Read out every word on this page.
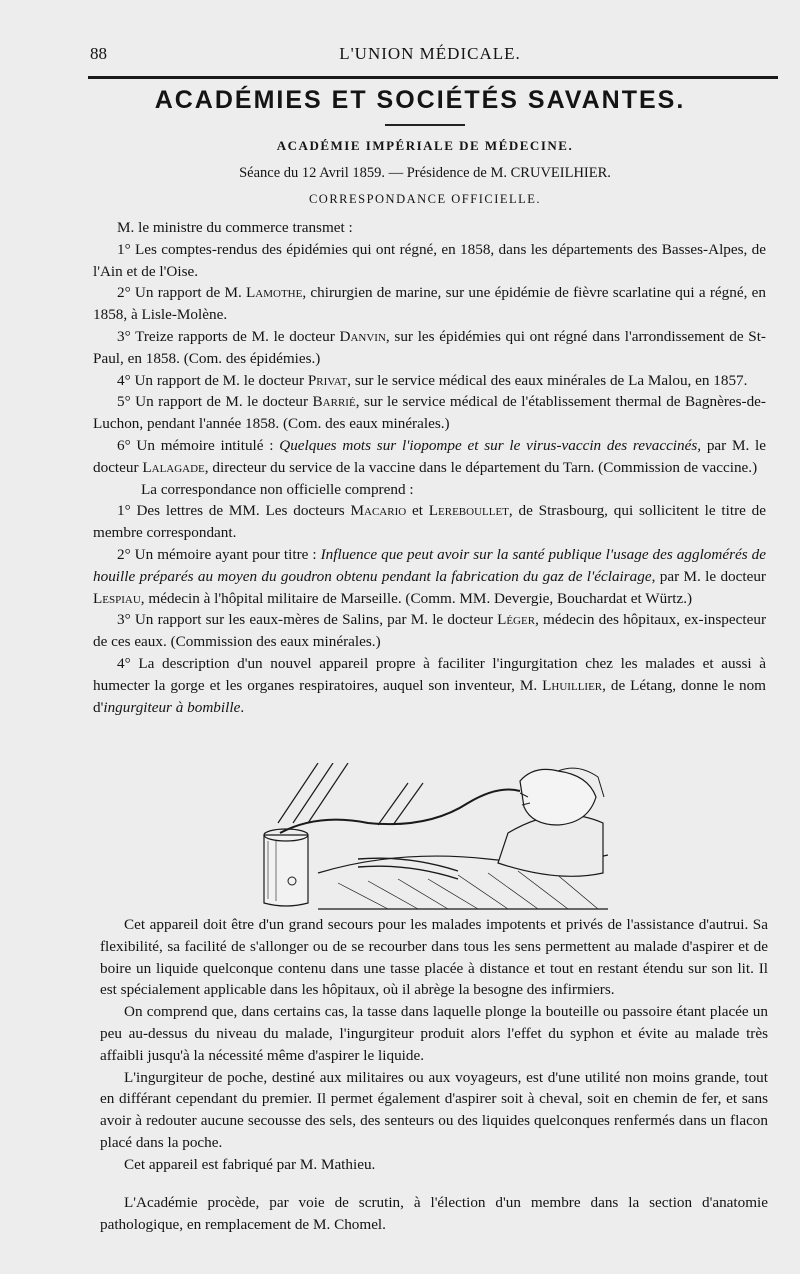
88	L'UNION MÉDICALE.
ACADÉMIES ET SOCIÉTÉS SAVANTES.
ACADÉMIE IMPÉRIALE DE MÉDECINE.
Séance du 12 Avril 1859. — Présidence de M. CRUVEILHIER.
CORRESPONDANCE OFFICIELLE.

M. le ministre du commerce transmet :

1° Les comptes-rendus des épidémies qui ont régné, en 1858, dans les départements des Basses-Alpes, de l'Ain et de l'Oise.

2° Un rapport de M. Lamothe, chirurgien de marine, sur une épidémie de fièvre scarlatine qui a régné, en 1858, à Lisle-Molène.

3° Treize rapports de M. le docteur Danvin, sur les épidémies qui ont régné dans l'arrondissement de St-Paul, en 1858. (Com. des épidémies.)

4° Un rapport de M. le docteur Privat, sur le service médical des eaux minérales de La Malou, en 1857.

5° Un rapport de M. le docteur Barrié, sur le service médical de l'établissement thermal de Bagnères-de-Luchon, pendant l'année 1858. (Com. des eaux minérales.)

6° Un mémoire intitulé : Quelques mots sur l'iopompe et sur le virus-vaccin des revaccinés, par M. le docteur Lalagade, directeur du service de la vaccine dans le département du Tarn. (Commission de vaccine.)

La correspondance non officielle comprend :

1° Des lettres de MM. Les docteurs Macario et Lereboullet, de Strasbourg, qui sollicitent le titre de membre correspondant.

2° Un mémoire ayant pour titre : Influence que peut avoir sur la santé publique l'usage des agglomérés de houille préparés au moyen du goudron obtenu pendant la fabrication du gaz de l'éclairage, par M. le docteur Lespiau, médecin à l'hôpital militaire de Marseille. (Comm. MM. Devergie, Bouchardat et Würtz.)

3° Un rapport sur les eaux-mères de Salins, par M. le docteur Léger, médecin des hôpitaux, ex-inspecteur de ces eaux. (Commission des eaux minérales.)

4° La description d'un nouvel appareil propre à faciliter l'ingurgitation chez les malades et aussi à humecter la gorge et les organes respiratoires, auquel son inventeur, M. Lhuillier, de Létang, donne le nom d'ingurgiteur à bombille.

Cet appareil doit être d'un grand secours pour les malades impotents et privés de l'assistance d'autrui. Sa flexibilité, sa facilité de s'allonger ou de se recourber dans tous les sens permettent au malade d'aspirer et de boire un liquide quelconque contenu dans une tasse placée à distance et tout en restant étendu sur son lit. Il est spécialement applicable dans les hôpitaux, où il abrège la besogne des infirmiers.

On comprend que, dans certains cas, la tasse dans laquelle plonge la bouteille ou passoire étant placée un peu au-dessus du niveau du malade, l'ingurgiteur produit alors l'effet du syphon et évite au malade très affaibli jusqu'à la nécessité même d'aspirer le liquide.

L'ingurgiteur de poche, destiné aux militaires ou aux voyageurs, est d'une utilité non moins grande, tout en différant cependant du premier. Il permet également d'aspirer soit à cheval, soit en chemin de fer, et sans avoir à redouter aucune secousse des sels, des senteurs ou des liquides quelconques renfermés dans un flacon placé dans la poche.

Cet appareil est fabriqué par M. Mathieu.

L'Académie procède, par voie de scrutin, à l'élection d'un membre dans la section d'anatomie pathologique, en remplacement de M. Chomel.
